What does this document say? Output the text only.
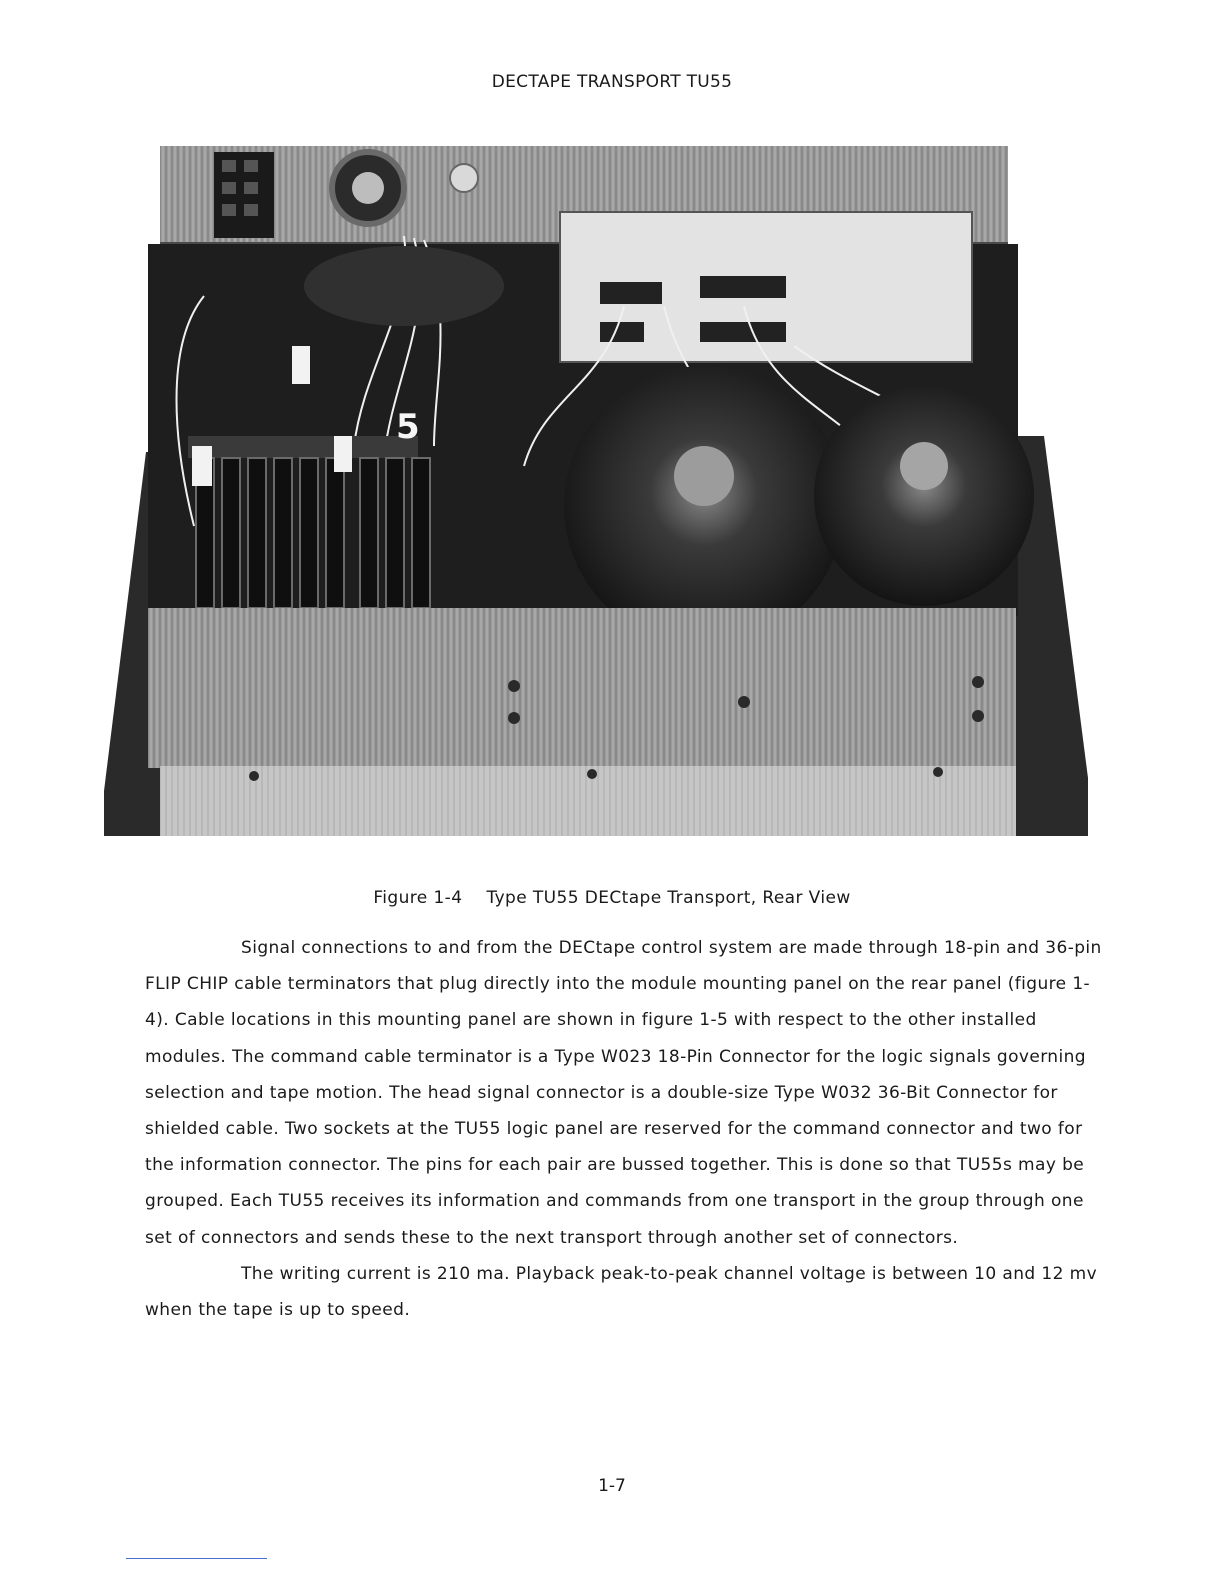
DECTAPE TRANSPORT TU55
5
Figure 1-4 Type TU55 DECtape Transport, Rear View

Signal connections to and from the DECtape control system are made through 18-pin and 36-pin FLIP CHIP cable terminators that plug directly into the module mounting panel on the rear panel (figure 1-4). Cable locations in this mounting panel are shown in figure 1-5 with respect to the other installed modules. The command cable terminator is a Type W023 18-Pin Connector for the logic signals governing selection and tape motion. The head signal connector is a double-size Type W032 36-Bit Connector for shielded cable. Two sockets at the TU55 logic panel are reserved for the command connector and two for the information connector. The pins for each pair are bussed together. This is done so that TU55s may be grouped. Each TU55 receives its information and commands from one transport in the group through one set of connectors and sends these to the next transport through another set of connectors.

The writing current is 210 ma. Playback peak-to-peak channel voltage is between 10 and 12 mv when the tape is up to speed.

1-7
